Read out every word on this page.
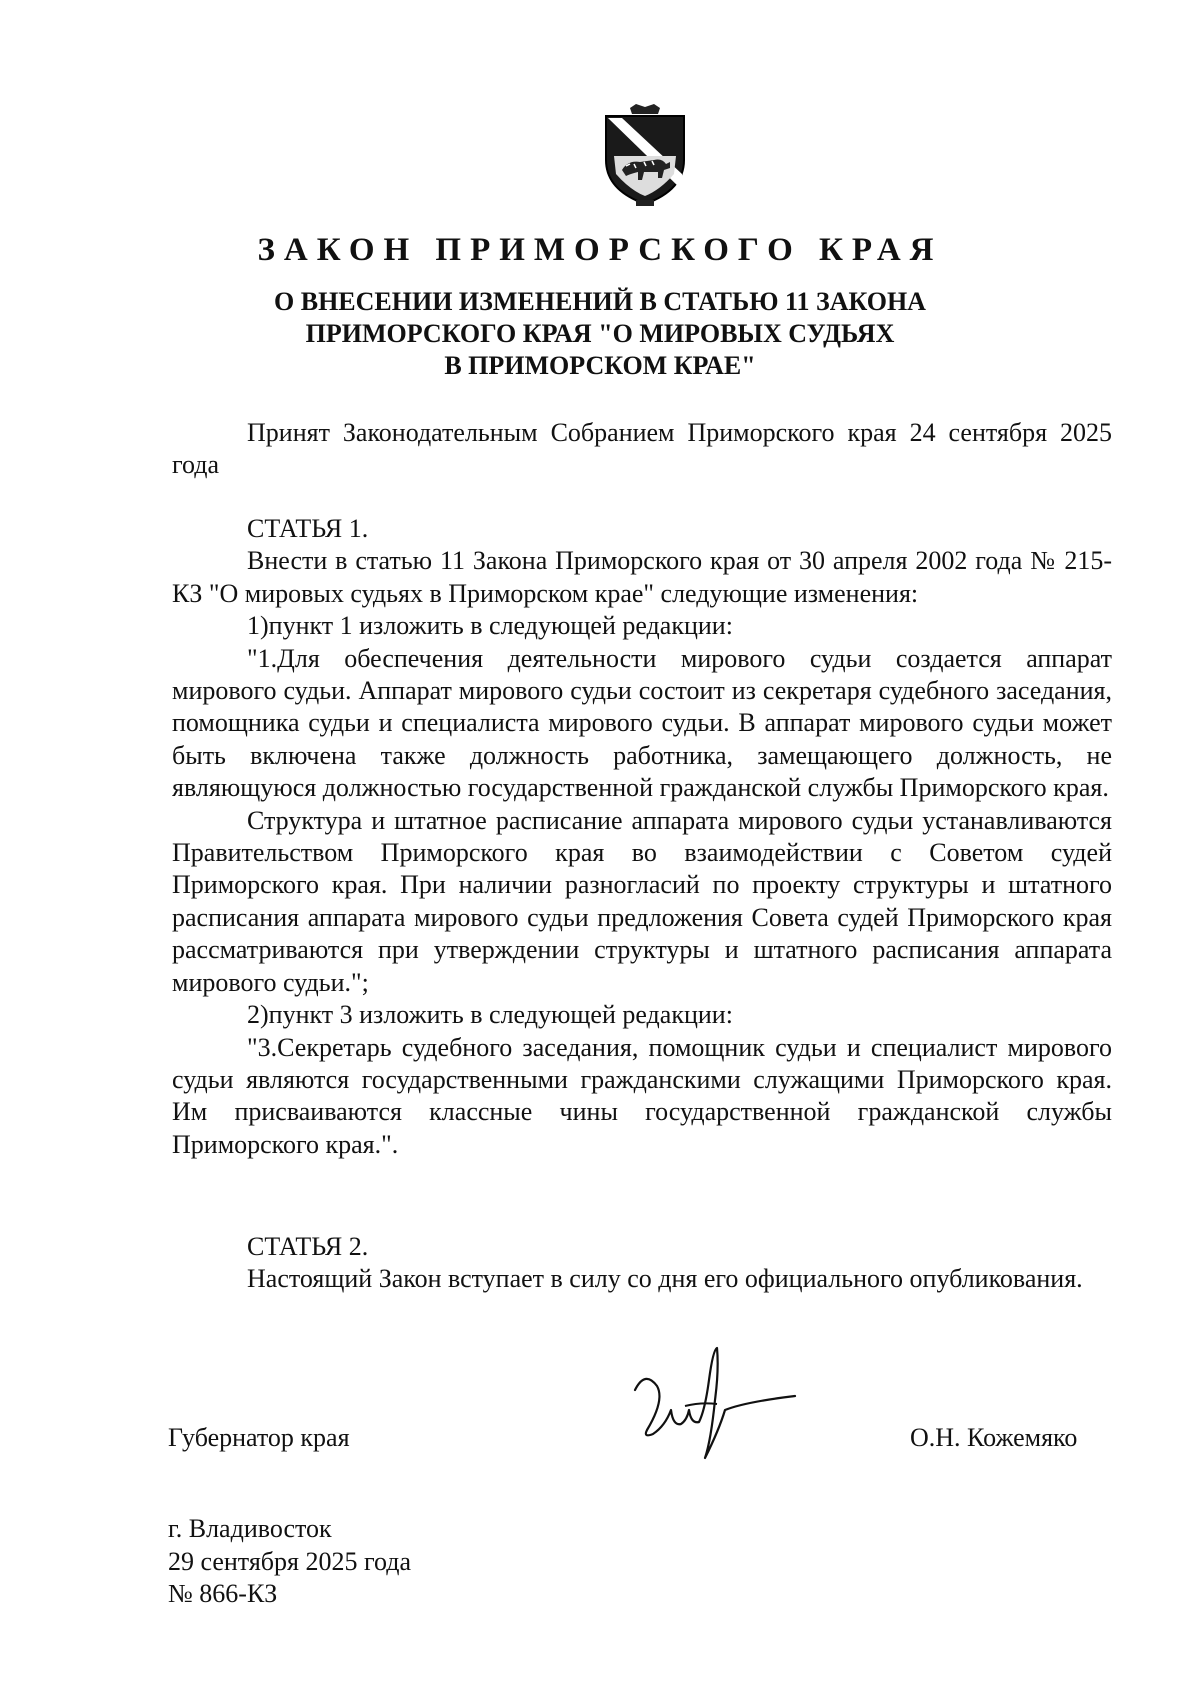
ЗАКОН ПРИМОРСКОГО КРАЯ
О ВНЕСЕНИИ ИЗМЕНЕНИЙ В СТАТЬЮ 11 ЗАКОНА
ПРИМОРСКОГО КРАЯ "О МИРОВЫХ СУДЬЯХ
В ПРИМОРСКОМ КРАЕ"

Принят Законодательным Собранием Приморского края 24 сентября 2025 года

СТАТЬЯ 1.

Внести в статью 11 Закона Приморского края от 30 апреля 2002 года № 215-КЗ "О мировых судьях в Приморском крае" следующие изменения:

1)пункт 1 изложить в следующей редакции:

"1.Для обеспечения деятельности мирового судьи создается аппарат мирового судьи. Аппарат мирового судьи состоит из секретаря судебного заседания, помощника судьи и специалиста мирового судьи. В аппарат мирового судьи может быть включена также должность работника, замещающего должность, не являющуюся должностью государственной гражданской службы Приморского края.

Структура и штатное расписание аппарата мирового судьи устанавливаются Правительством Приморского края во взаимодействии с Советом судей Приморского края. При наличии разногласий по проекту структуры и штатного расписания аппарата мирового судьи предложения Совета судей Приморского края рассматриваются при утверждении структуры и штатного расписания аппарата мирового судьи.";

2)пункт 3 изложить в следующей редакции:

"3.Секретарь судебного заседания, помощник судьи и специалист мирового судьи являются государственными гражданскими служащими Приморского края. Им присваиваются классные чины государственной гражданской службы Приморского края.".

СТАТЬЯ 2.

Настоящий Закон вступает в силу со дня его официального опубликования.

Губернатор края	О.Н. Кожемяко
г. Владивосток
29 сентября 2025 года
№ 866-КЗ
